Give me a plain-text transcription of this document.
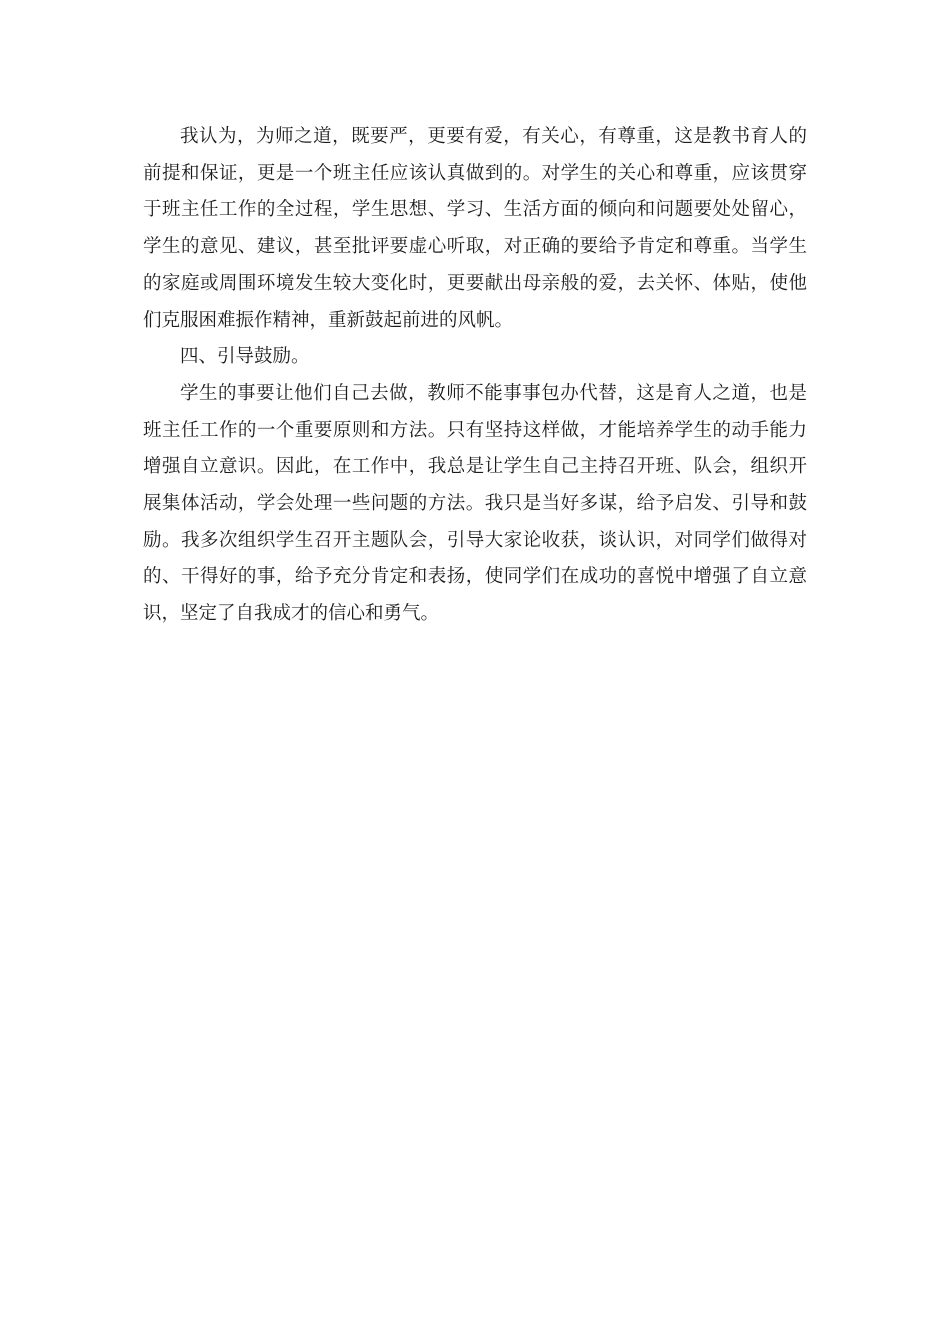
我认为，为师之道，既要严，更要有爱，有关心，有尊重，这是教书育人的前提和保证，更是一个班主任应该认真做到的。对学生的关心和尊重，应该贯穿于班主任工作的全过程，学生思想、学习、生活方面的倾向和问题要处处留心，学生的意见、建议，甚至批评要虚心听取，对正确的要给予肯定和尊重。当学生的家庭或周围环境发生较大变化时，更要献出母亲般的爱，去关怀、体贴，使他们克服困难振作精神，重新鼓起前进的风帆。

四、引导鼓励。

学生的事要让他们自己去做，教师不能事事包办代替，这是育人之道，也是班主任工作的一个重要原则和方法。只有坚持这样做，才能培养学生的动手能力增强自立意识。因此，在工作中，我总是让学生自己主持召开班、队会，组织开展集体活动，学会处理一些问题的方法。我只是当好多谋，给予启发、引导和鼓励。我多次组织学生召开主题队会，引导大家论收获，谈认识，对同学们做得对的、干得好的事，给予充分肯定和表扬，使同学们在成功的喜悦中增强了自立意识，坚定了自我成才的信心和勇气。
